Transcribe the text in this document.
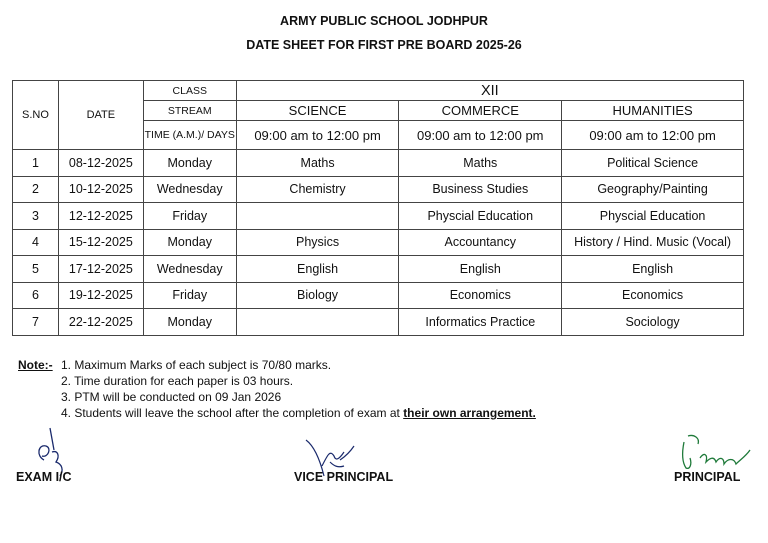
ARMY PUBLIC SCHOOL JODHPUR
DATE SHEET FOR FIRST PRE BOARD 2025-26
S.NO	DATE	CLASS	XII		
		STREAM	SCIENCE	COMMERCE	HUMANITIES
		TIME (A.M.)/ DAYS	09:00 am to 12:00 pm	09:00 am to 12:00 pm	09:00 am to 12:00 pm
1	08-12-2025	Monday	Maths	Maths	Political Science
2	10-12-2025	Wednesday	Chemistry	Business Studies	Geography/Painting
3	12-12-2025	Friday		Physcial Education	Physcial Education
4	15-12-2025	Monday	Physics	Accountancy	History / Hind. Music (Vocal)
5	17-12-2025	Wednesday	English	English	English
6	19-12-2025	Friday	Biology	Economics	Economics
7	22-12-2025	Monday		Informatics Practice	Sociology
Note:- 1. Maximum Marks of each subject is 70/80 marks.
2. Time duration for each paper is 03 hours.
3. PTM will be conducted on 09 Jan 2026
4. Students will leave the school after the completion of exam at their own arrangement.
EXAM I/C	VICE PRINCIPAL	PRINCIPAL
